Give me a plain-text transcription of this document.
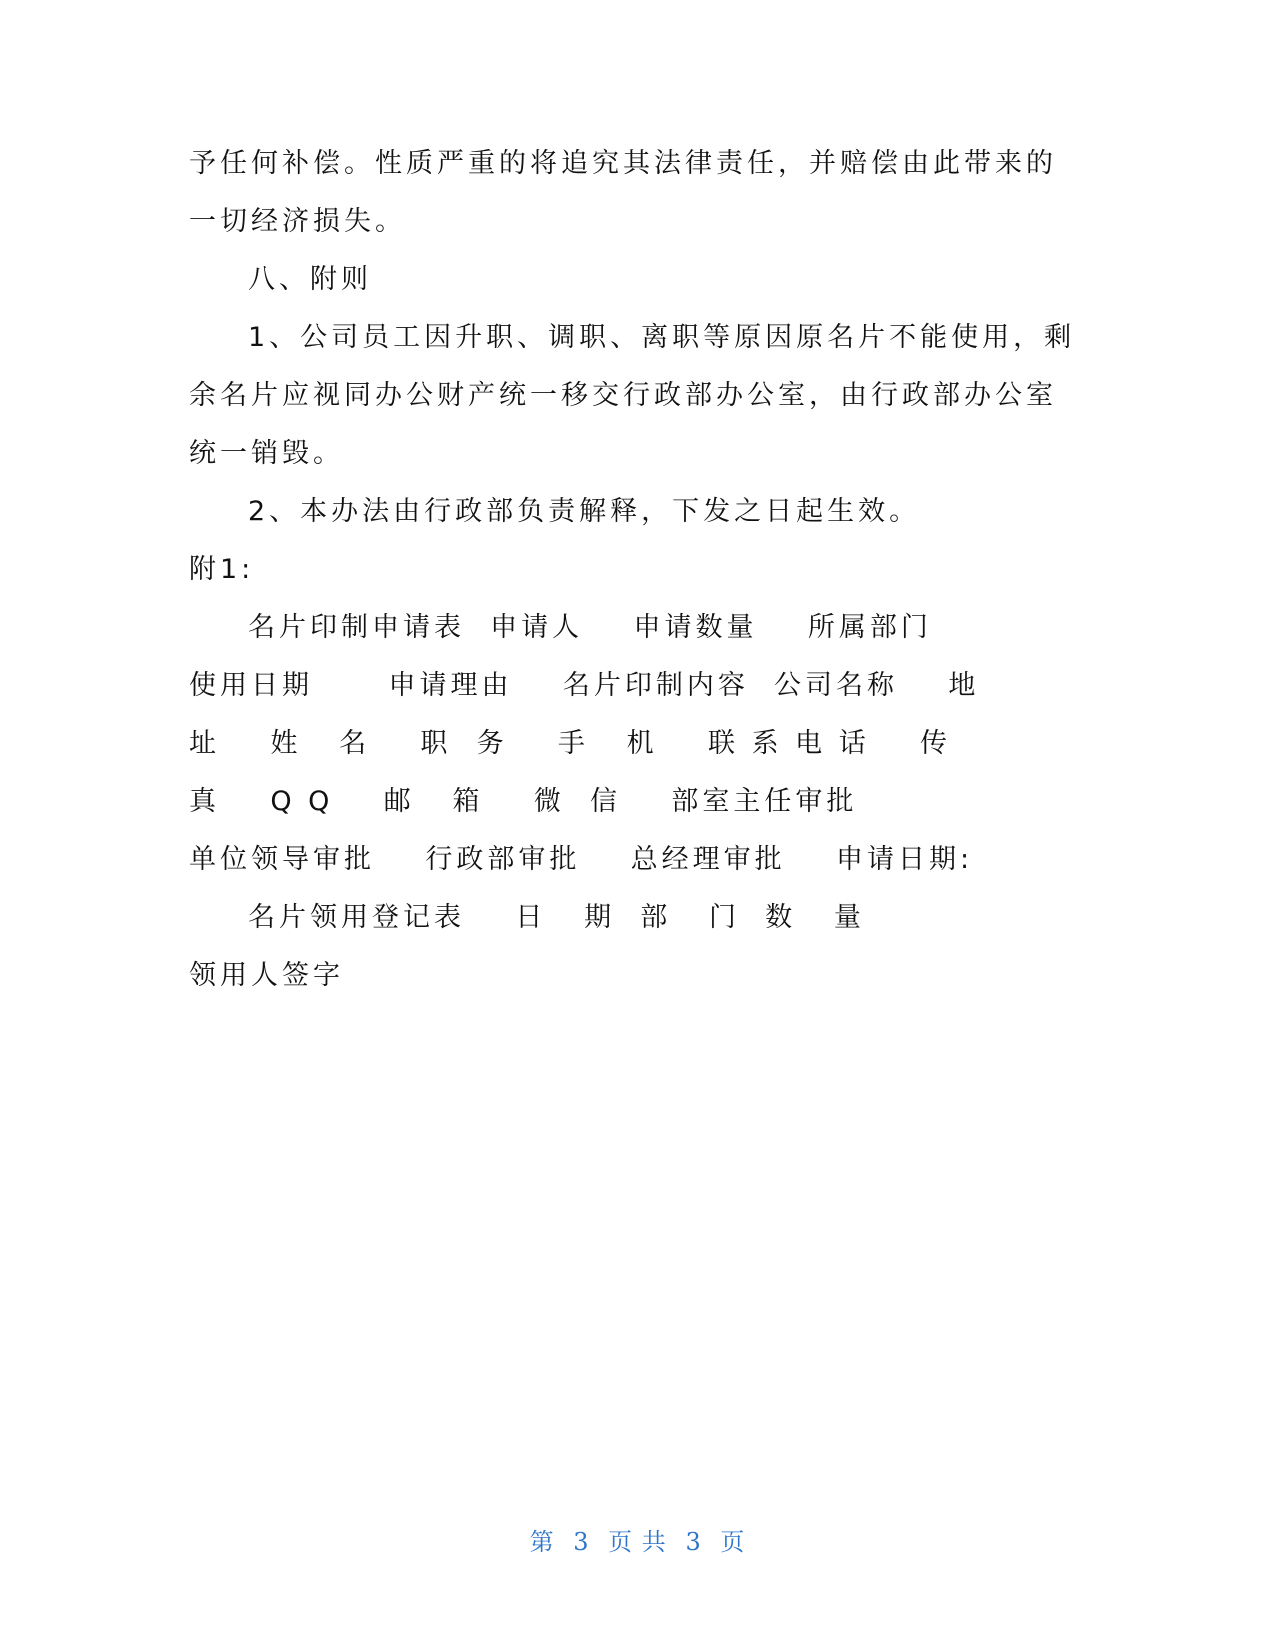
予任何补偿。性质严重的将追究其法律责任，并赔偿由此带来的
一切经济损失。
八、附则
1、公司员工因升职、调职、离职等原因原名片不能使用，剩
余名片应视同办公财产统一移交行政部办公室，由行政部办公室
统一销毁。
2、本办法由行政部负责解释，下发之日起生效。
附1:
名片印制申请表  申请人    申请数量    所属部门
使用日期      申请理由    名片印制内容  公司名称    地
址    姓   名    职  务    手   机    联 系 电 话    传
真    Q Q    邮   箱    微  信    部室主任审批
单位领导审批    行政部审批    总经理审批    申请日期:
名片领用登记表    日   期  部   门  数   量
领用人签字
第 3 页 共 3 页
